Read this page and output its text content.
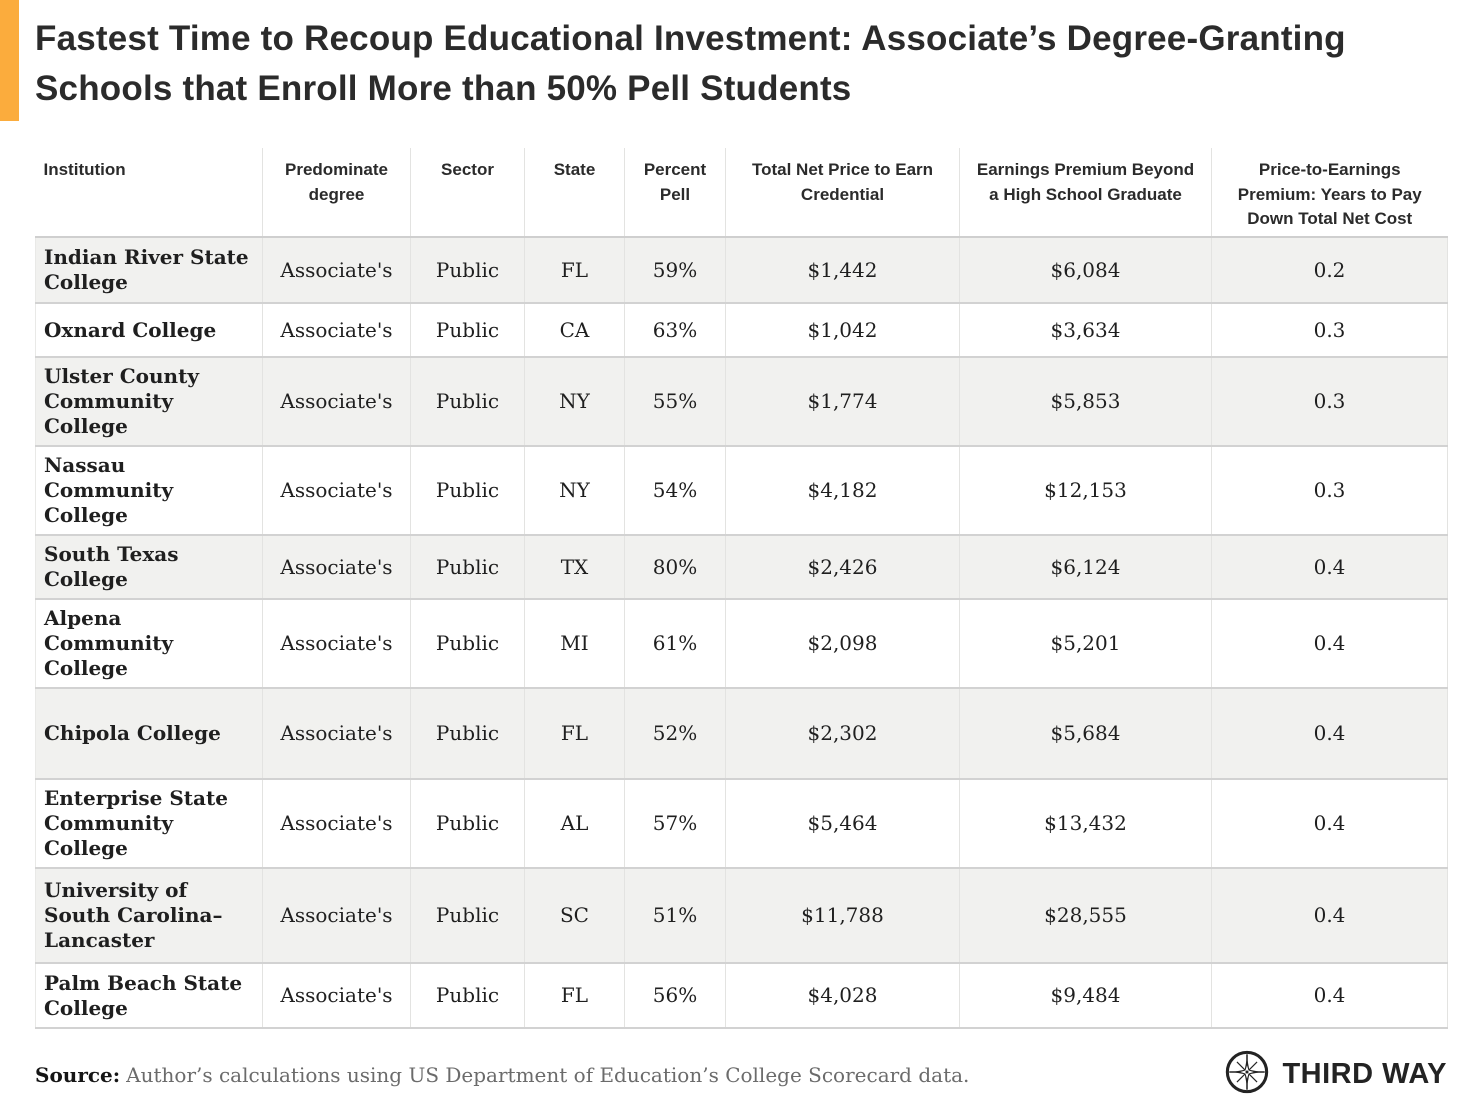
Fastest Time to Recoup Educational Investment: Associate’s Degree-Granting
Schools that Enroll More than 50% Pell Students
Institution	Predominate degree	Sector	State	Percent Pell	Total Net Price to Earn Credential	Earnings Premium Beyond a High School Graduate	Price-to-Earnings Premium: Years to Pay Down Total Net Cost
Indian River State College	Associate's	Public	FL	59%	$1,442	$6,084	0.2
Oxnard College	Associate's	Public	CA	63%	$1,042	$3,634	0.3
Ulster County Community College	Associate's	Public	NY	55%	$1,774	$5,853	0.3
Nassau Community College	Associate's	Public	NY	54%	$4,182	$12,153	0.3
South Texas College	Associate's	Public	TX	80%	$2,426	$6,124	0.4
Alpena Community College	Associate's	Public	MI	61%	$2,098	$5,201	0.4
Chipola College	Associate's	Public	FL	52%	$2,302	$5,684	0.4
Enterprise State Community College	Associate's	Public	AL	57%	$5,464	$13,432	0.4
University of South Carolina–Lancaster	Associate's	Public	SC	51%	$11,788	$28,555	0.4
Palm Beach State College	Associate's	Public	FL	56%	$4,028	$9,484	0.4
Source: Author’s calculations using US Department of Education’s College Scorecard data.	THIRD WAY
